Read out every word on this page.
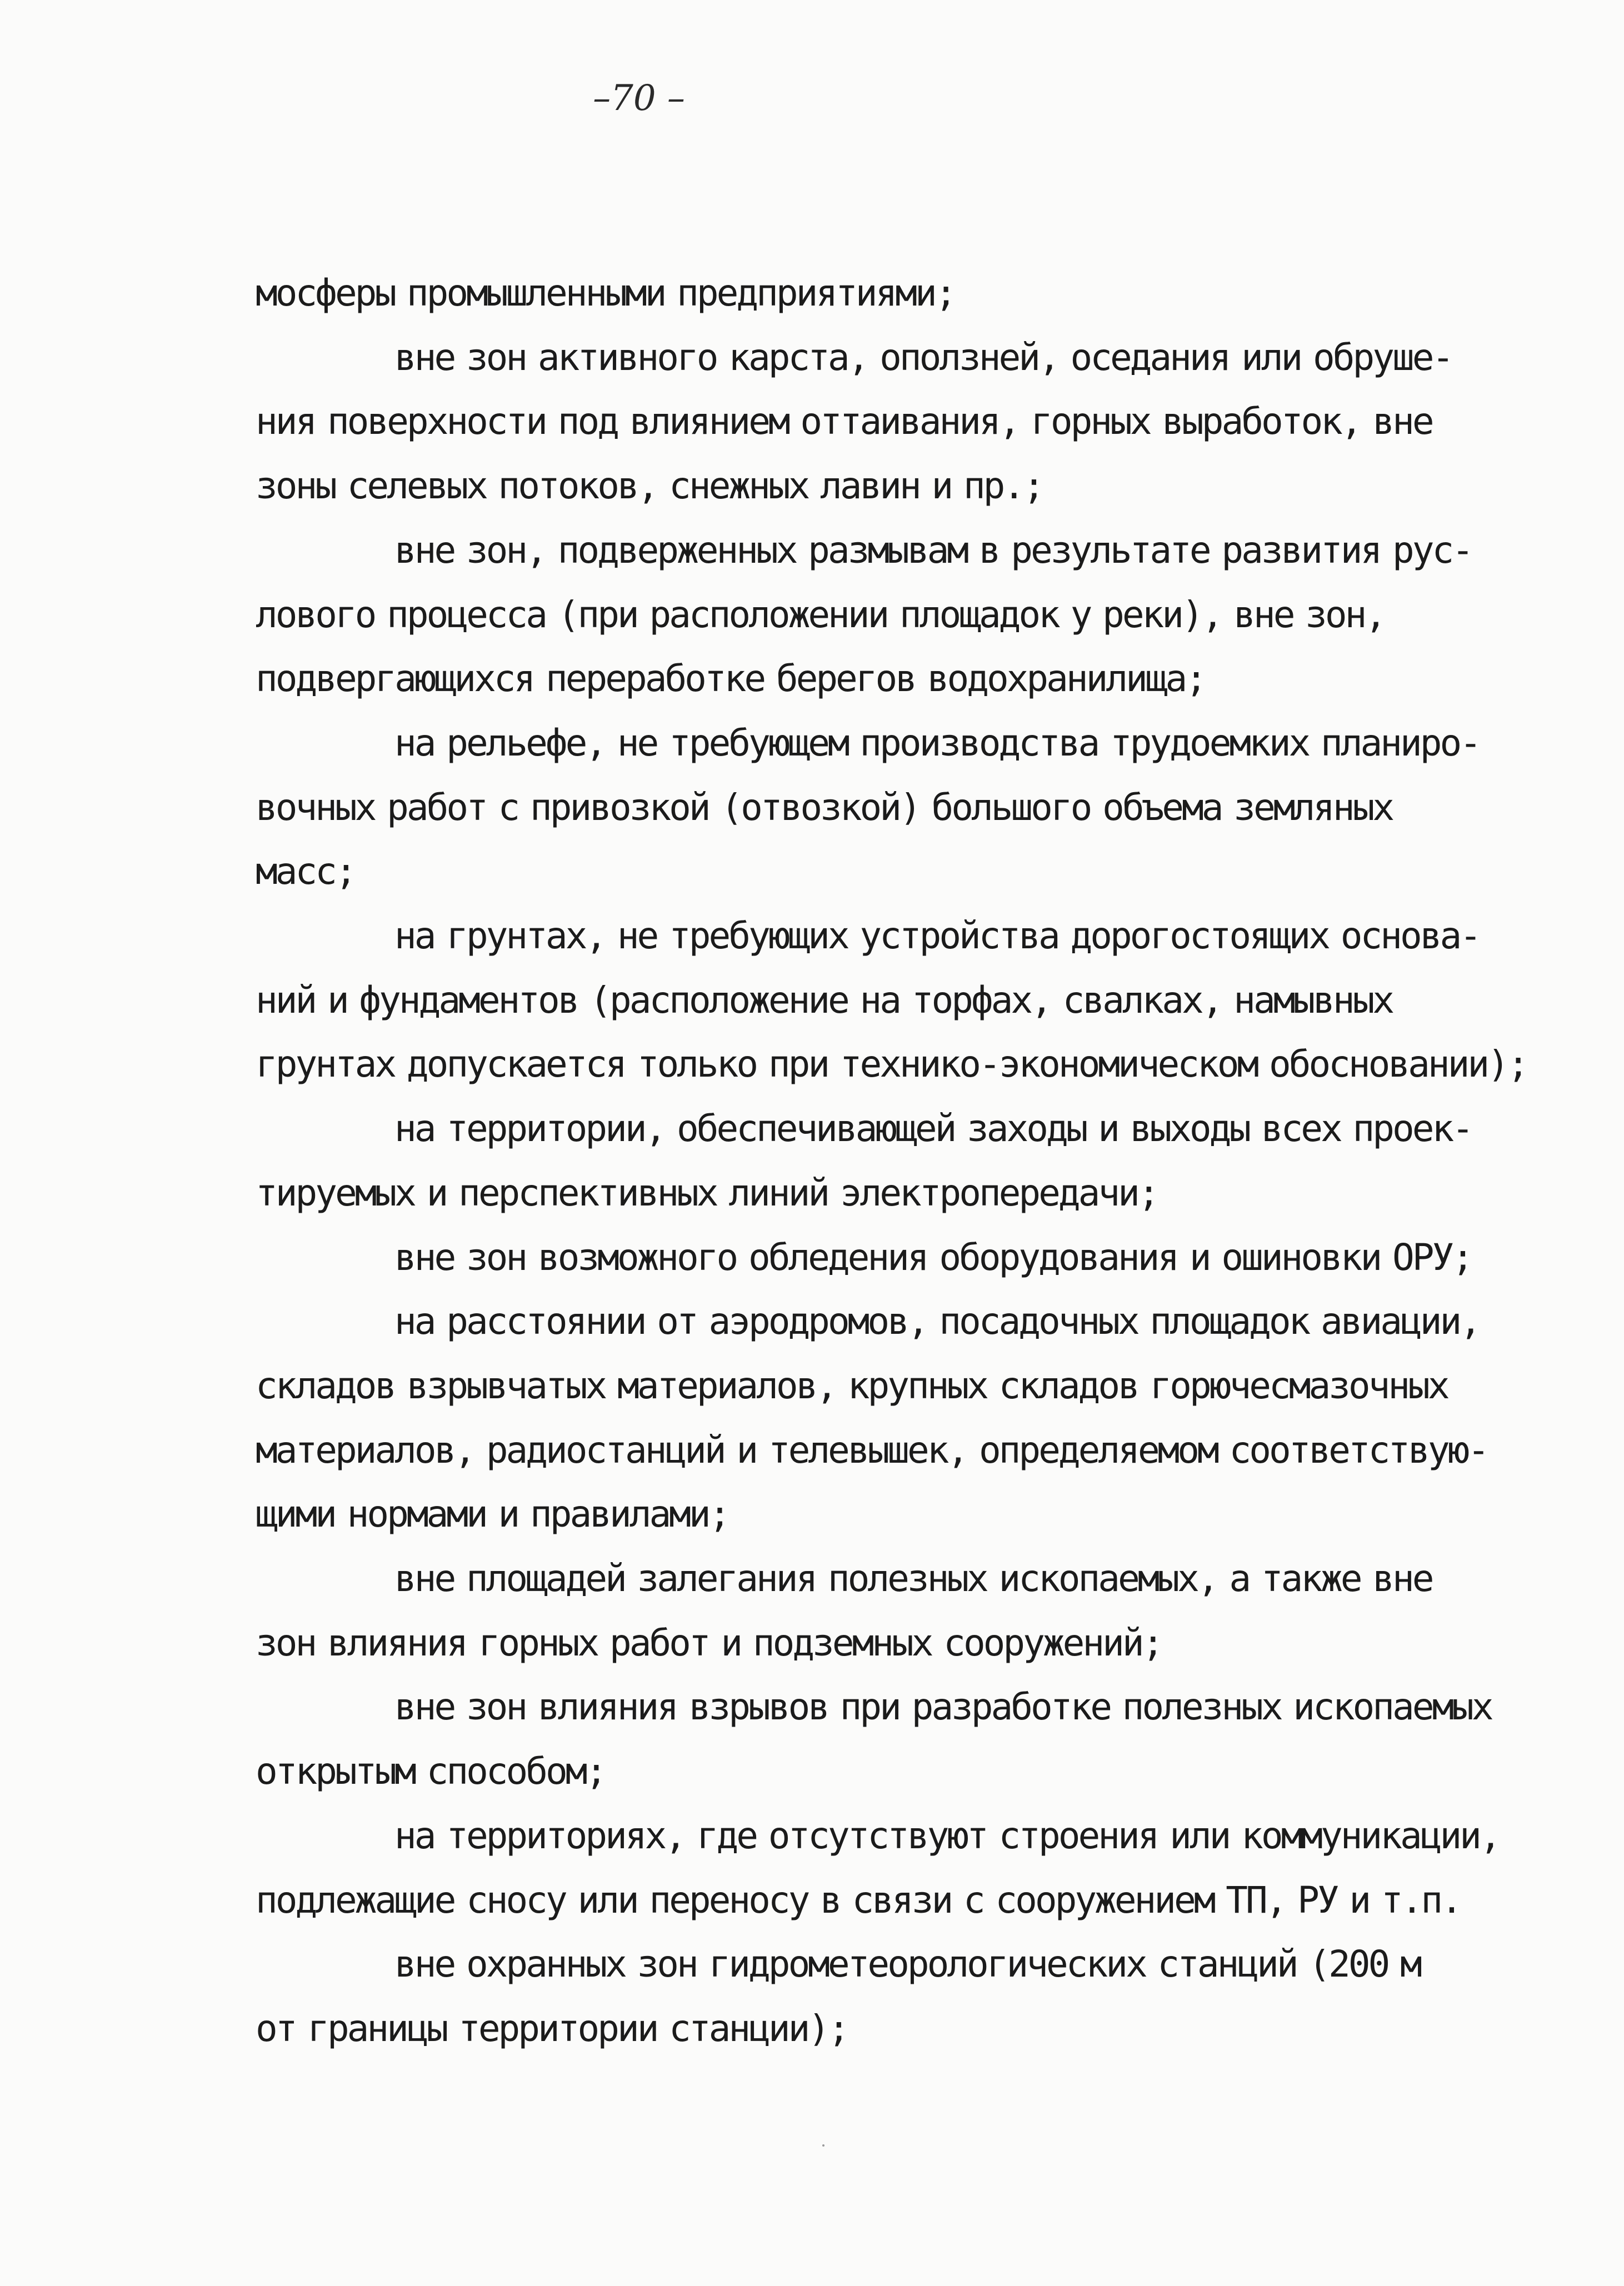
–70 –

мосферы промышленными предприятиями;

вне зон активного карста, оползней, оседания или обруше-

ния поверхности под влиянием оттаивания, горных выработок, вне

зоны селевых потоков, снежных лавин и пр.;

вне зон, подверженных размывам в результате развития рус-

лового процесса (при расположении площадок у реки), вне зон,

подвергающихся переработке берегов водохранилища;

на рельефе, не требующем производства трудоемких планиро-

вочных работ с привозкой (отвозкой) большого объема земляных

масс;

на грунтах, не требующих устройства дорогостоящих основа-

ний и фундаментов (расположение на торфах, свалках, намывных

грунтах допускается только при технико-экономическом обосновании);

на территории, обеспечивающей заходы и выходы всех проек-

тируемых и перспективных линий электропередачи;

вне зон возможного обледения оборудования и ошиновки ОРУ;

на расстоянии от аэродромов, посадочных площадок авиации,

складов взрывчатых материалов, крупных складов горючесмазочных

материалов, радиостанций и телевышек, определяемом соответствую-

щими нормами и правилами;

вне площадей залегания полезных ископаемых, а также вне

зон влияния горных работ и подземных сооружений;

вне зон влияния взрывов при разработке полезных ископаемых

открытым способом;

на территориях, где отсутствуют строения или коммуникации,

подлежащие сносу или переносу в связи с сооружением ТП, РУ и т.п.

вне охранных зон гидрометеорологических станций (200 м

от границы территории станции);
